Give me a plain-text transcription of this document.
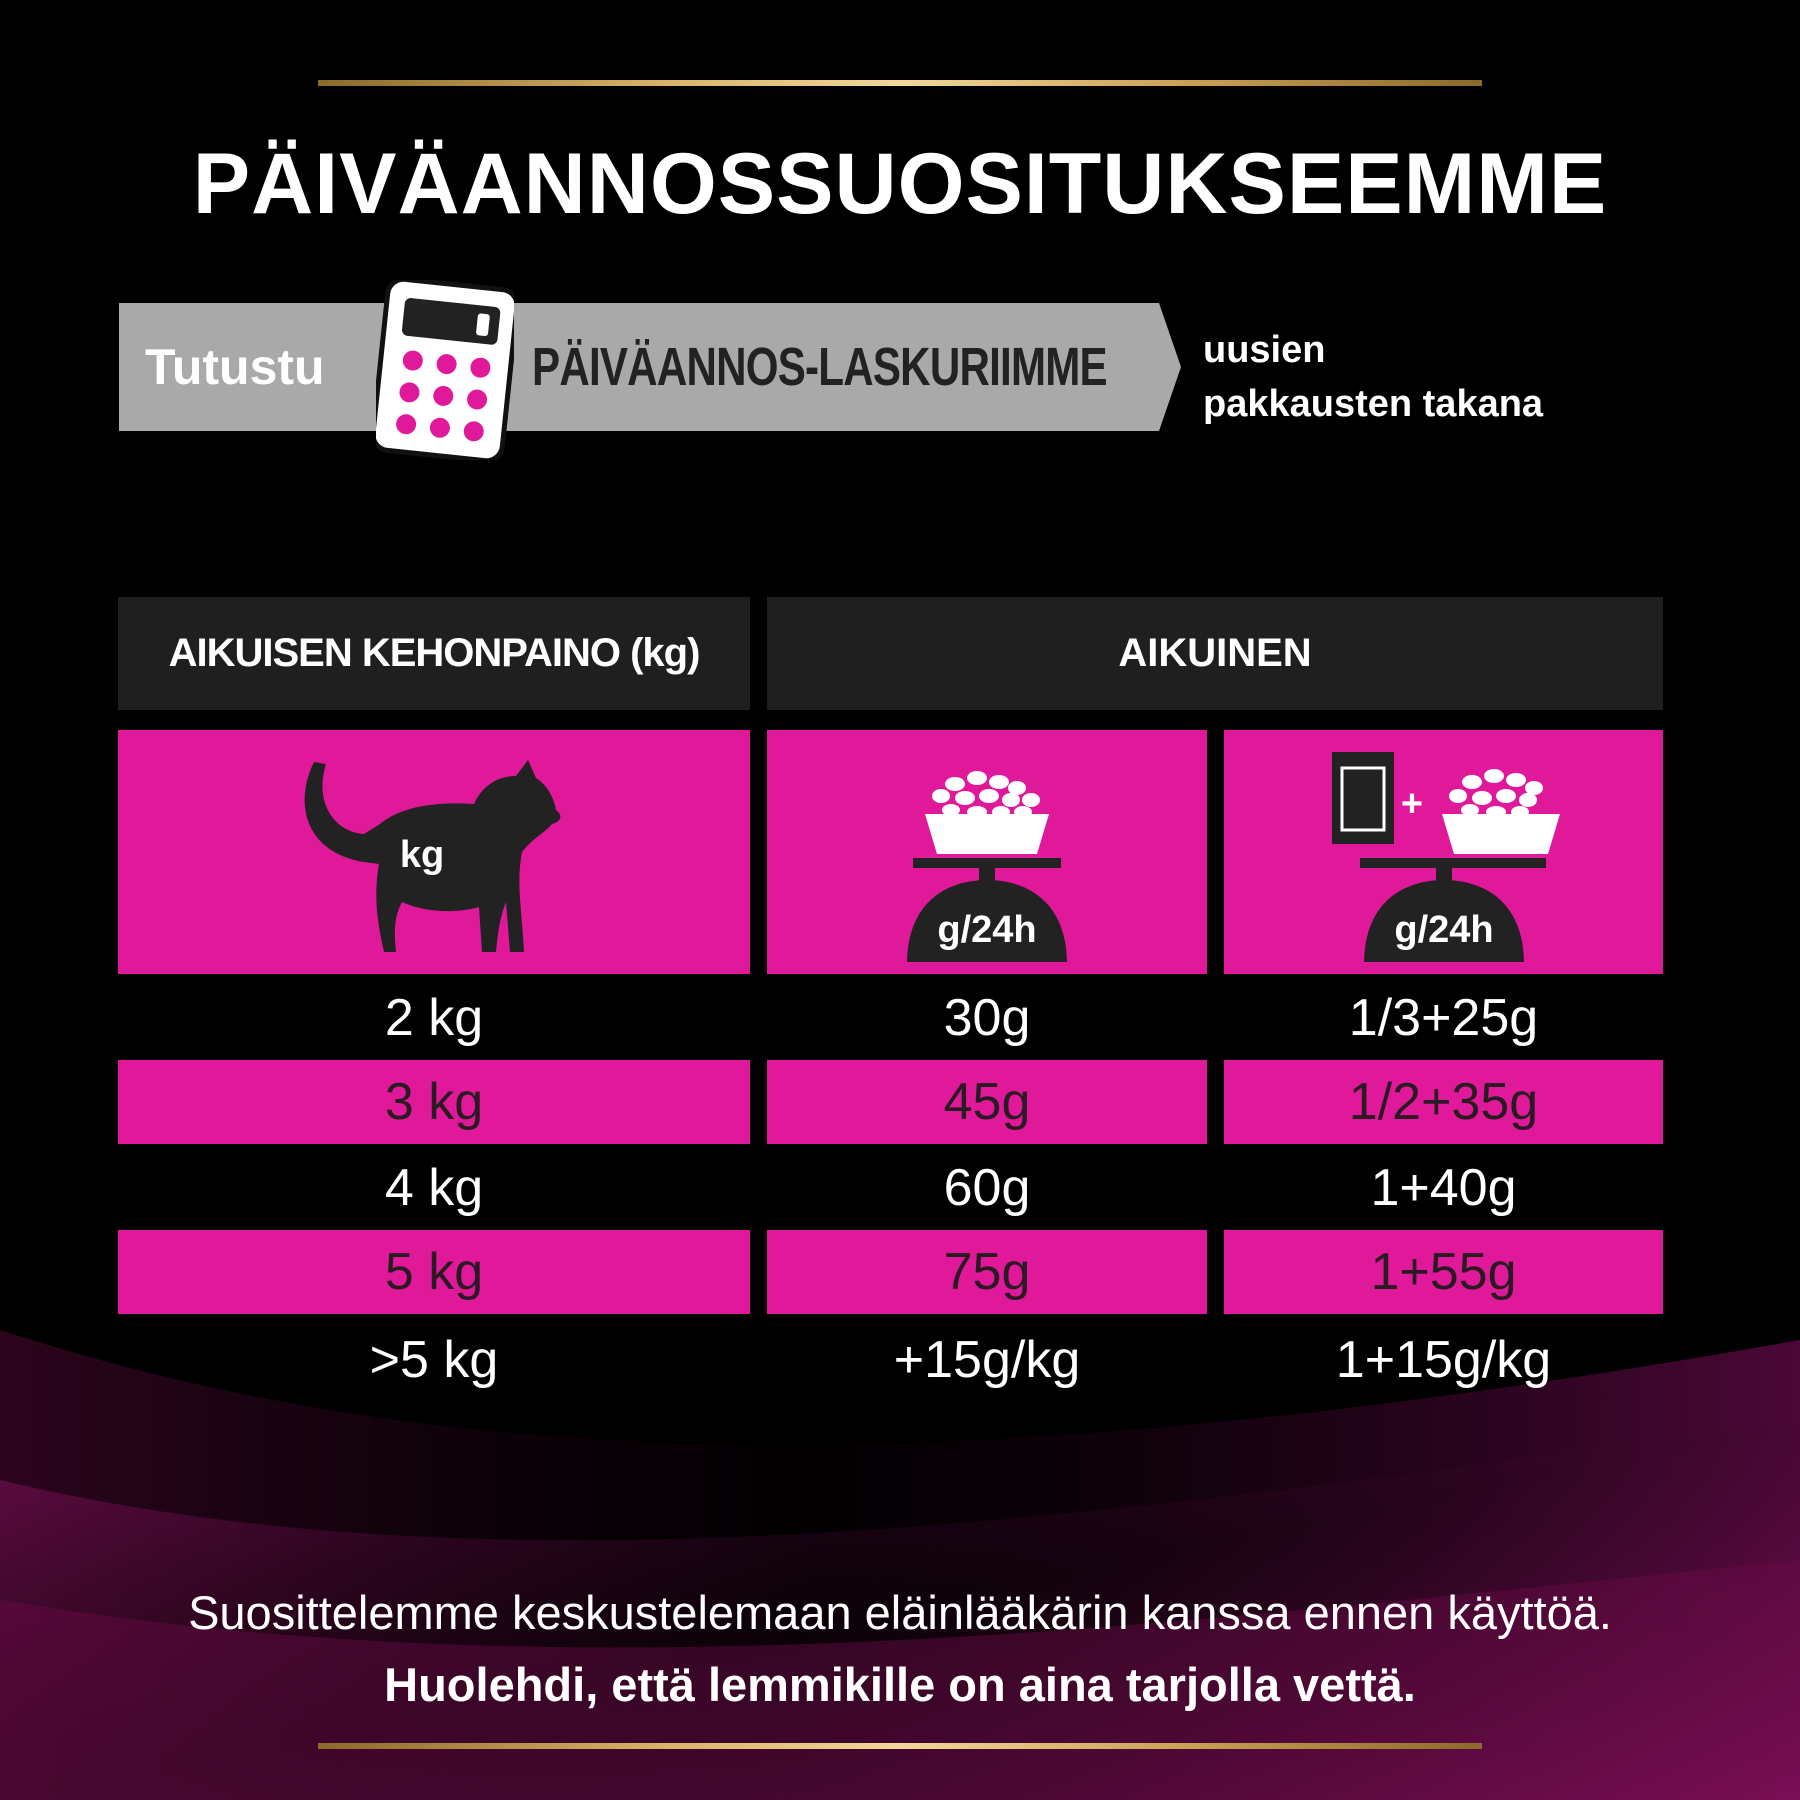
PÄIVÄANNOSSUOSITUKSEEMME
Tutustu	PÄIVÄANNOS-LASKURIIMME	uusien
pakkausten takana
AIKUISEN KEHONPAINO (kg)	AIKUINEN
kg
g/24h
+
g/24h
2 kg	30g	1/3+25g
3 kg	45g	1/2+35g
4 kg	60g	1+40g
5 kg	75g	1+55g
>5 kg	+15g/kg	1+15g/kg
Suosittelemme keskustelemaan eläinlääkärin kanssa ennen käyttöä.
Huolehdi, että lemmikille on aina tarjolla vettä.
